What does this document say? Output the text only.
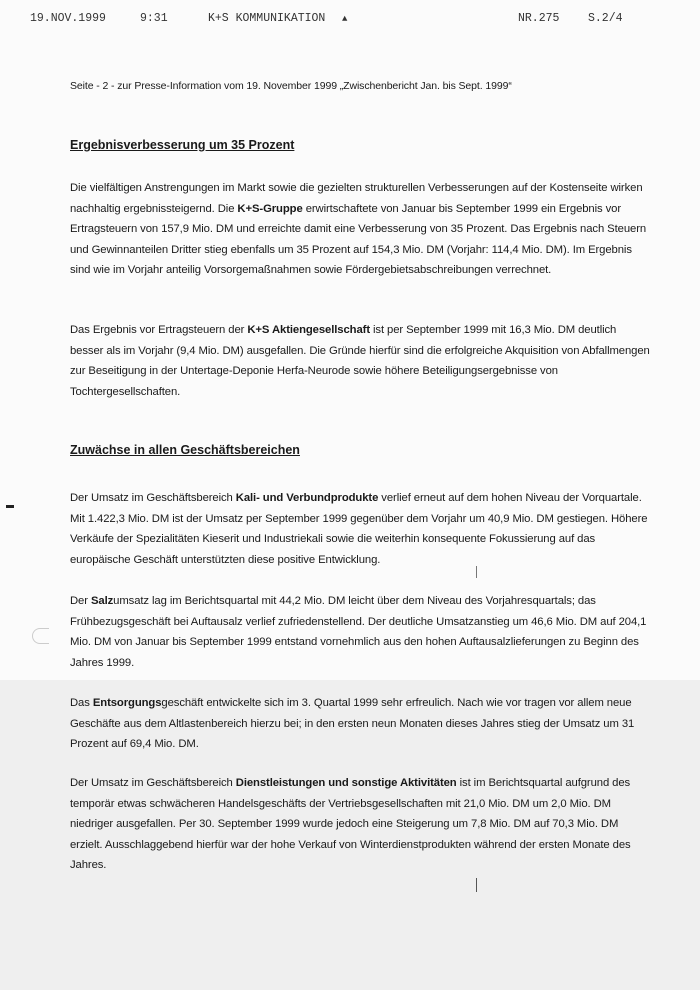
19.NOV.1999	9:31	K+S KOMMUNIKATION ▲	NR.275 S.2/4
Seite - 2 - zur Presse-Information vom 19. November 1999 „Zwischenbericht Jan. bis Sept. 1999“
Ergebnisverbesserung um 35 Prozent

Die vielfältigen Anstrengungen im Markt sowie die gezielten strukturellen Verbesserungen auf der Kostenseite wirken nachhaltig ergebnissteigernd. Die K+S-Gruppe erwirtschaftete von Januar bis September 1999 ein Ergebnis vor Ertragsteuern von 157,9 Mio. DM und erreichte damit eine Verbesserung von 35 Prozent. Das Ergebnis nach Steuern und Gewinnanteilen Dritter stieg ebenfalls um 35 Prozent auf 154,3 Mio. DM (Vorjahr: 114,4 Mio. DM). Im Ergebnis sind wie im Vorjahr anteilig Vorsorgemaßnahmen sowie Fördergebietsabschreibungen verrechnet.

Das Ergebnis vor Ertragsteuern der K+S Aktiengesellschaft ist per September 1999 mit 16,3 Mio. DM deutlich besser als im Vorjahr (9,4 Mio. DM) ausgefallen. Die Gründe hierfür sind die erfolgreiche Akquisition von Abfallmengen zur Beseitigung in der Untertage-Deponie Herfa-Neurode sowie höhere Beteiligungsergebnisse von Tochtergesellschaften.

Zuwächse in allen Geschäftsbereichen

Der Umsatz im Geschäftsbereich Kali- und Verbundprodukte verlief erneut auf dem hohen Niveau der Vorquartale. Mit 1.422,3 Mio. DM ist der Umsatz per September 1999 gegenüber dem Vorjahr um 40,9 Mio. DM gestiegen. Höhere Verkäufe der Spezialitäten Kieserit und Industriekali sowie die weiterhin konsequente Fokussierung auf das europäische Geschäft unterstützten diese positive Entwicklung.

Der Salzumsatz lag im Berichtsquartal mit 44,2 Mio. DM leicht über dem Niveau des Vorjahresquartals; das Frühbezugsgeschäft bei Auftausalz verlief zufriedenstellend. Der deutliche Umsatzanstieg um 46,6 Mio. DM auf 204,1 Mio. DM von Januar bis September 1999 entstand vornehmlich aus den hohen Auftausalzlieferungen zu Beginn des Jahres 1999.

Das Entsorgungsgeschäft entwickelte sich im 3. Quartal 1999 sehr erfreulich. Nach wie vor tragen vor allem neue Geschäfte aus dem Altlastenbereich hierzu bei; in den ersten neun Monaten dieses Jahres stieg der Umsatz um 31 Prozent auf 69,4 Mio. DM.

Der Umsatz im Geschäftsbereich Dienstleistungen und sonstige Aktivitäten ist im Berichtsquartal aufgrund des temporär etwas schwächeren Handelsgeschäfts der Vertriebsgesellschaften mit 21,0 Mio. DM um 2,0 Mio. DM niedriger ausgefallen. Per 30. September 1999 wurde jedoch eine Steigerung um 7,8 Mio. DM auf 70,3 Mio. DM erzielt. Ausschlaggebend hierfür war der hohe Verkauf von Winterdienstprodukten während der ersten Monate des Jahres.
